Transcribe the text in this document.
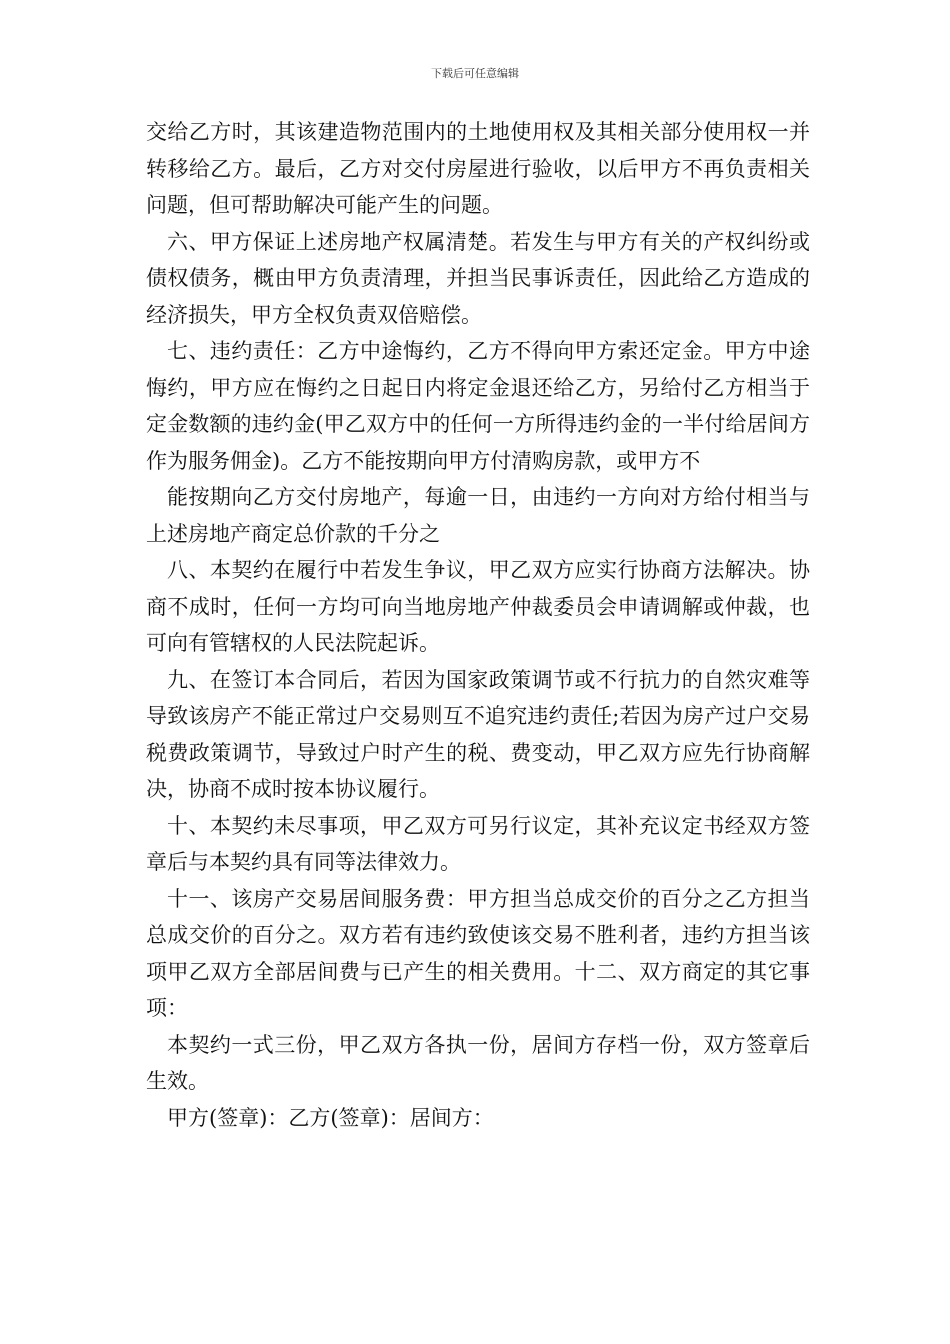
下载后可任意编辑

交给乙方时，其该建造物范围内的土地使用权及其相关部分使用权一并转移给乙方。最后，乙方对交付房屋进行验收，以后甲方不再负责相关问题，但可帮助解决可能产生的问题。

六、甲方保证上述房地产权属清楚。若发生与甲方有关的产权纠纷或债权债务，概由甲方负责清理，并担当民事诉责任，因此给乙方造成的经济损失，甲方全权负责双倍赔偿。

七、违约责任：乙方中途悔约，乙方不得向甲方索还定金。甲方中途悔约，甲方应在悔约之日起日内将定金退还给乙方，另给付乙方相当于定金数额的违约金(甲乙双方中的任何一方所得违约金的一半付给居间方作为服务佣金)。乙方不能按期向甲方付清购房款，或甲方不

能按期向乙方交付房地产，每逾一日，由违约一方向对方给付相当与上述房地产商定总价款的千分之

八、本契约在履行中若发生争议，甲乙双方应实行协商方法解决。协商不成时，任何一方均可向当地房地产仲裁委员会申请调解或仲裁，也可向有管辖权的人民法院起诉。

九、在签订本合同后，若因为国家政策调节或不行抗力的自然灾难等导致该房产不能正常过户交易则互不追究违约责任;若因为房产过户交易税费政策调节，导致过户时产生的税、费变动，甲乙双方应先行协商解决，协商不成时按本协议履行。

十、本契约未尽事项，甲乙双方可另行议定，其补充议定书经双方签章后与本契约具有同等法律效力。

十一、该房产交易居间服务费：甲方担当总成交价的百分之乙方担当总成交价的百分之。双方若有违约致使该交易不胜利者，违约方担当该项甲乙双方全部居间费与已产生的相关费用。十二、双方商定的其它事项：

本契约一式三份，甲乙双方各执一份，居间方存档一份，双方签章后生效。

甲方(签章)：乙方(签章)：居间方：
